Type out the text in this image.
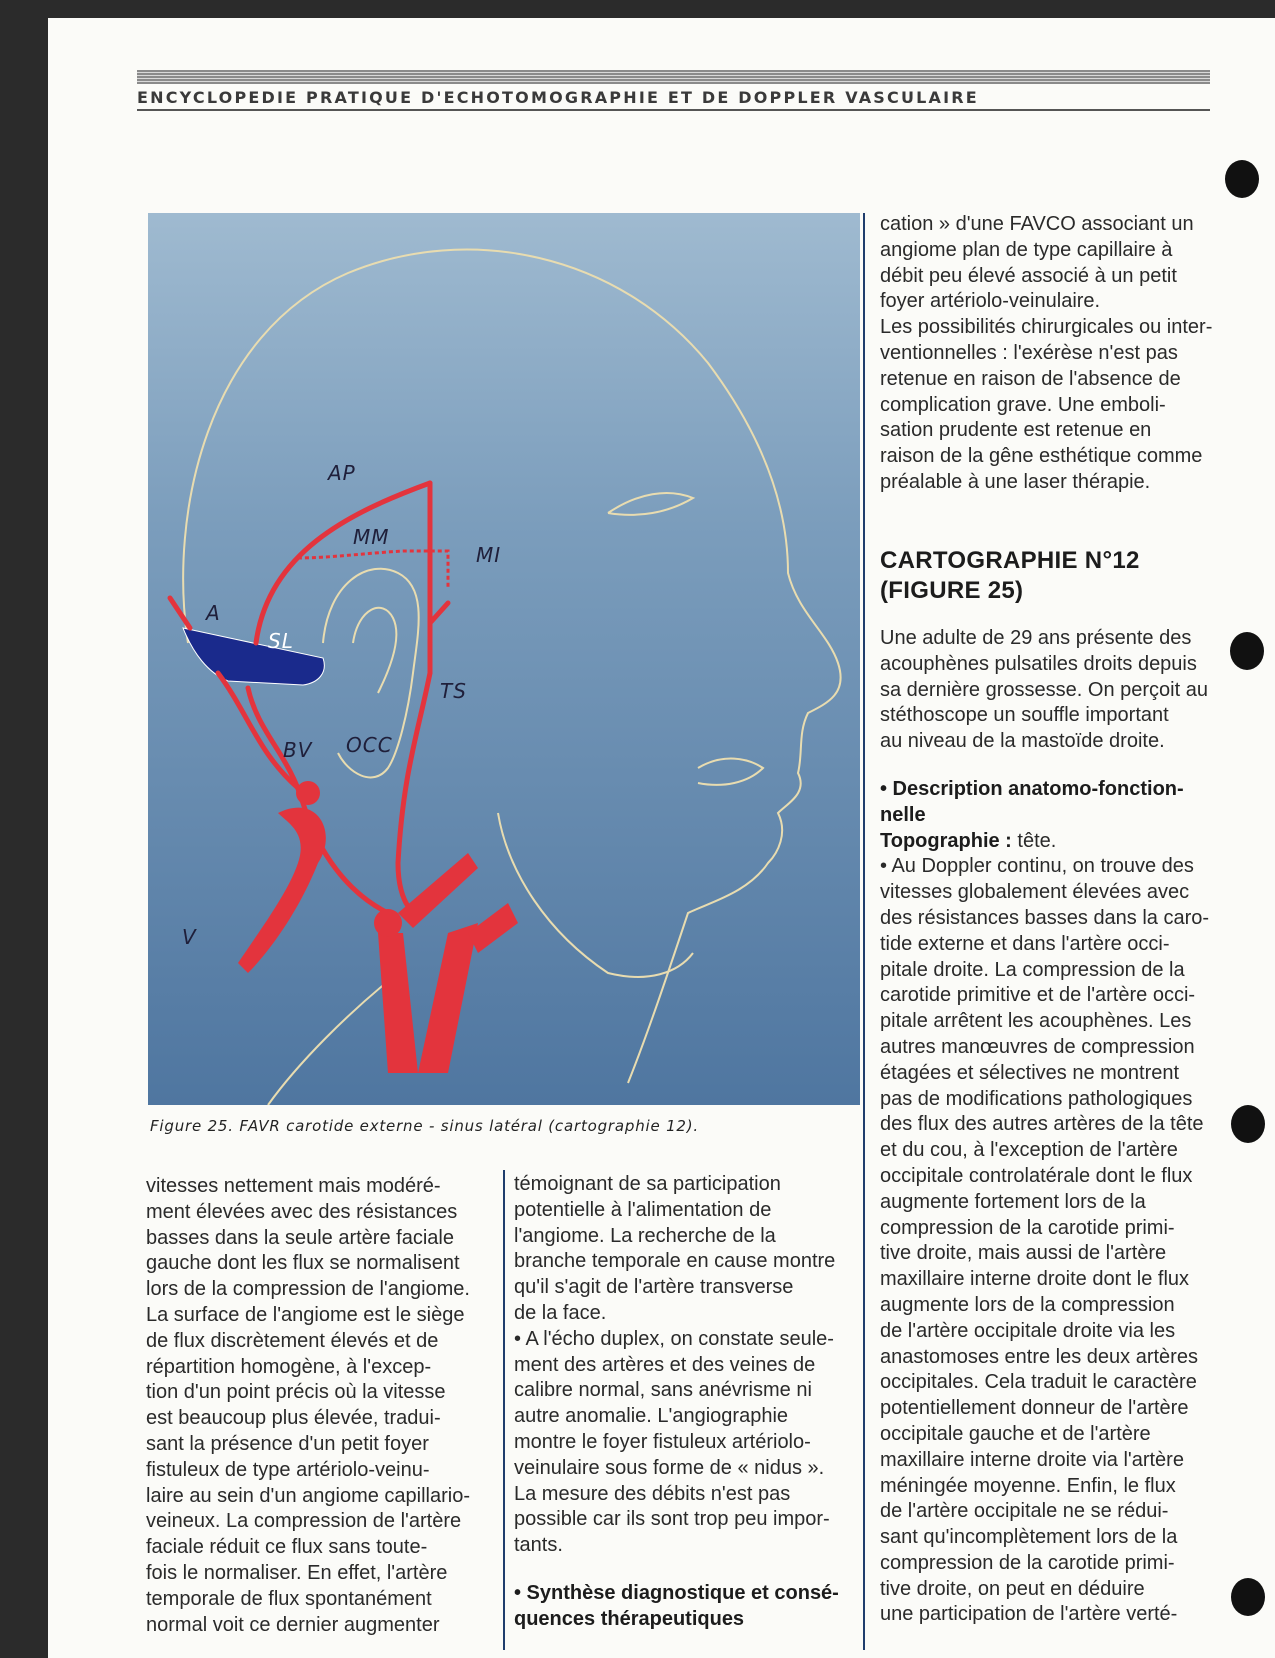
ENCYCLOPEDIE PRATIQUE D'ECHOTOMOGRAPHIE ET DE DOPPLER VASCULAIRE
AP
MM
MI
A
SL
TS
BV OCC
V
Figure 25. FAVR carotide externe - sinus latéral (cartographie 12).
vitesses nettement mais modéré-
ment élevées avec des résistances
basses dans la seule artère faciale
gauche dont les flux se normalisent
lors de la compression de l'angiome.
La surface de l'angiome est le siège
de flux discrètement élevés et de
répartition homogène, à l'excep-
tion d'un point précis où la vitesse
est beaucoup plus élevée, tradui-
sant la présence d'un petit foyer
fistuleux de type artériolo-veinu-
laire au sein d'un angiome capillario-
veineux. La compression de l'artère
faciale réduit ce flux sans toute-
fois le normaliser. En effet, l'artère
temporale de flux spontanément
normal voit ce dernier augmenter
témoignant de sa participation
potentielle à l'alimentation de
l'angiome. La recherche de la
branche temporale en cause montre
qu'il s'agit de l'artère transverse
de la face.
• A l'écho duplex, on constate seule-
ment des artères et des veines de
calibre normal, sans anévrisme ni
autre anomalie. L'angiographie
montre le foyer fistuleux artériolo-
veinulaire sous forme de « nidus ».
La mesure des débits n'est pas
possible car ils sont trop peu impor-
tants.
• Synthèse diagnostique et consé-
quences thérapeutiques
cation » d'une FAVCO associant un
angiome plan de type capillaire à
débit peu élevé associé à un petit
foyer artériolo-veinulaire.
Les possibilités chirurgicales ou inter-
ventionnelles : l'exérèse n'est pas
retenue en raison de l'absence de
complication grave. Une emboli-
sation prudente est retenue en
raison de la gêne esthétique comme
préalable à une laser thérapie.
CARTOGRAPHIE N°12
(FIGURE 25)
Une adulte de 29 ans présente des
acouphènes pulsatiles droits depuis
sa dernière grossesse. On perçoit au
stéthoscope un souffle important
au niveau de la mastoïde droite.
• Description anatomo-fonction-
nelle
Topographie : tête.
• Au Doppler continu, on trouve des
vitesses globalement élevées avec
des résistances basses dans la caro-
tide externe et dans l'artère occi-
pitale droite. La compression de la
carotide primitive et de l'artère occi-
pitale arrêtent les acouphènes. Les
autres manœuvres de compression
étagées et sélectives ne montrent
pas de modifications pathologiques
des flux des autres artères de la tête
et du cou, à l'exception de l'artère
occipitale controlatérale dont le flux
augmente fortement lors de la
compression de la carotide primi-
tive droite, mais aussi de l'artère
maxillaire interne droite dont le flux
augmente lors de la compression
de l'artère occipitale droite via les
anastomoses entre les deux artères
occipitales. Cela traduit le caractère
potentiellement donneur de l'artère
occipitale gauche et de l'artère
maxillaire interne droite via l'artère
méningée moyenne. Enfin, le flux
de l'artère occipitale ne se rédui-
sant qu'incomplètement lors de la
compression de la carotide primi-
tive droite, on peut en déduire
une participation de l'artère verté-
